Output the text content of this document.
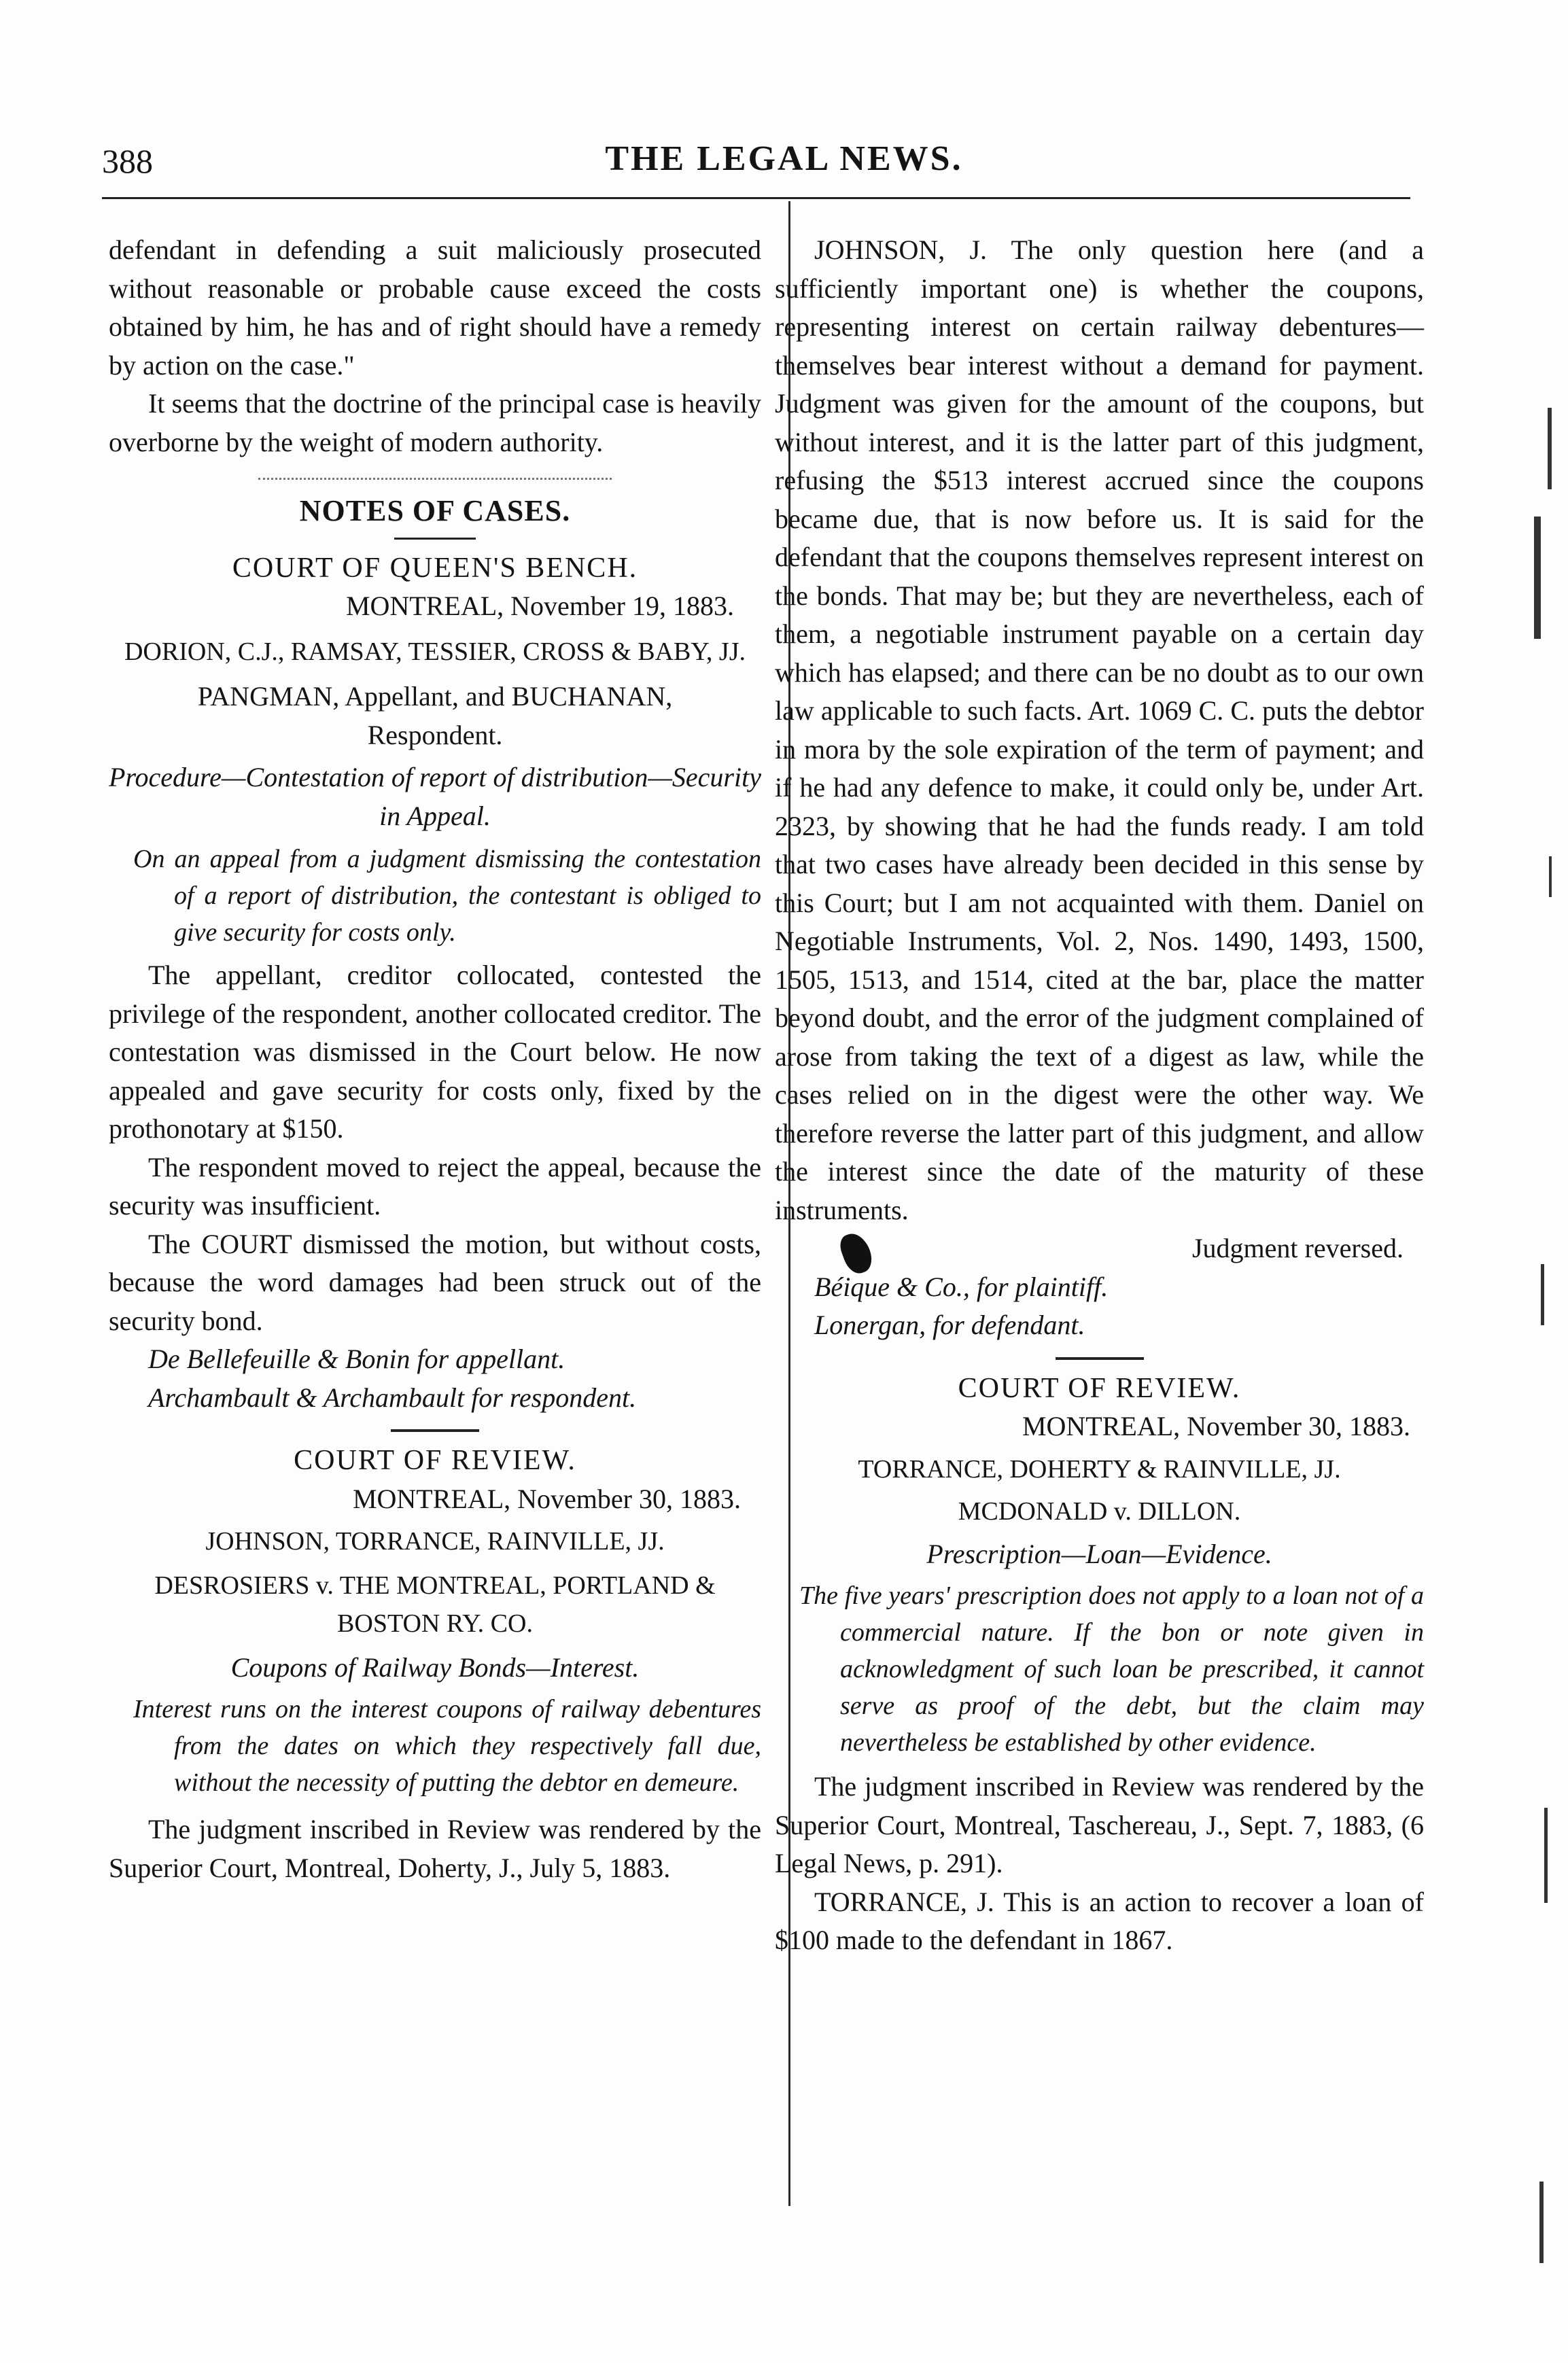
388	THE LEGAL NEWS.

defendant in defending a suit maliciously prosecuted without reasonable or probable cause exceed the costs obtained by him, he has and of right should have a remedy by action on the case."

It seems that the doctrine of the principal case is heavily overborne by the weight of modern authority.

NOTES OF CASES.

COURT OF QUEEN'S BENCH.

MONTREAL, November 19, 1883.

DORION, C.J., RAMSAY, TESSIER, CROSS & BABY, JJ.

PANGMAN, Appellant, and BUCHANAN, Respondent.

Procedure—Contestation of report of distribution—Security in Appeal.

On an appeal from a judgment dismissing the contestation of a report of distribution, the contestant is obliged to give security for costs only.

The appellant, creditor collocated, contested the privilege of the respondent, another collocated creditor. The contestation was dismissed in the Court below. He now appealed and gave security for costs only, fixed by the prothonotary at $150.

The respondent moved to reject the appeal, because the security was insufficient.

The COURT dismissed the motion, but without costs, because the word damages had been struck out of the security bond.

De Bellefeuille & Bonin for appellant.

Archambault & Archambault for respondent.

COURT OF REVIEW.

MONTREAL, November 30, 1883.

JOHNSON, TORRANCE, RAINVILLE, JJ.

DESROSIERS v. THE MONTREAL, PORTLAND & BOSTON RY. CO.

Coupons of Railway Bonds—Interest.

Interest runs on the interest coupons of railway debentures from the dates on which they respectively fall due, without the necessity of putting the debtor en demeure.

The judgment inscribed in Review was rendered by the Superior Court, Montreal, Doherty, J., July 5, 1883.

JOHNSON, J. The only question here (and a sufficiently important one) is whether the coupons, representing interest on certain railway debentures—themselves bear interest without a demand for payment. Judgment was given for the amount of the coupons, but without interest, and it is the latter part of this judgment, refusing the $513 interest accrued since the coupons became due, that is now before us. It is said for the defendant that the coupons themselves represent interest on the bonds. That may be; but they are nevertheless, each of them, a negotiable instrument payable on a certain day which has elapsed; and there can be no doubt as to our own law applicable to such facts. Art. 1069 C. C. puts the debtor in mora by the sole expiration of the term of payment; and if he had any defence to make, it could only be, under Art. 2323, by showing that he had the funds ready. I am told that two cases have already been decided in this sense by this Court; but I am not acquainted with them. Daniel on Negotiable Instruments, Vol. 2, Nos. 1490, 1493, 1500, 1505, 1513, and 1514, cited at the bar, place the matter beyond doubt, and the error of the judgment complained of arose from taking the text of a digest as law, while the cases relied on in the digest were the other way. We therefore reverse the latter part of this judgment, and allow the interest since the date of the maturity of these instruments.

Judgment reversed.

Béique & Co., for plaintiff.

Lonergan, for defendant.

COURT OF REVIEW.

MONTREAL, November 30, 1883.

TORRANCE, DOHERTY & RAINVILLE, JJ.

MCDONALD v. DILLON.

Prescription—Loan—Evidence.

The five years' prescription does not apply to a loan not of a commercial nature. If the bon or note given in acknowledgment of such loan be prescribed, it cannot serve as proof of the debt, but the claim may nevertheless be established by other evidence.

The judgment inscribed in Review was rendered by the Superior Court, Montreal, Taschereau, J., Sept. 7, 1883, (6 Legal News, p. 291).

TORRANCE, J. This is an action to recover a loan of $100 made to the defendant in 1867.
